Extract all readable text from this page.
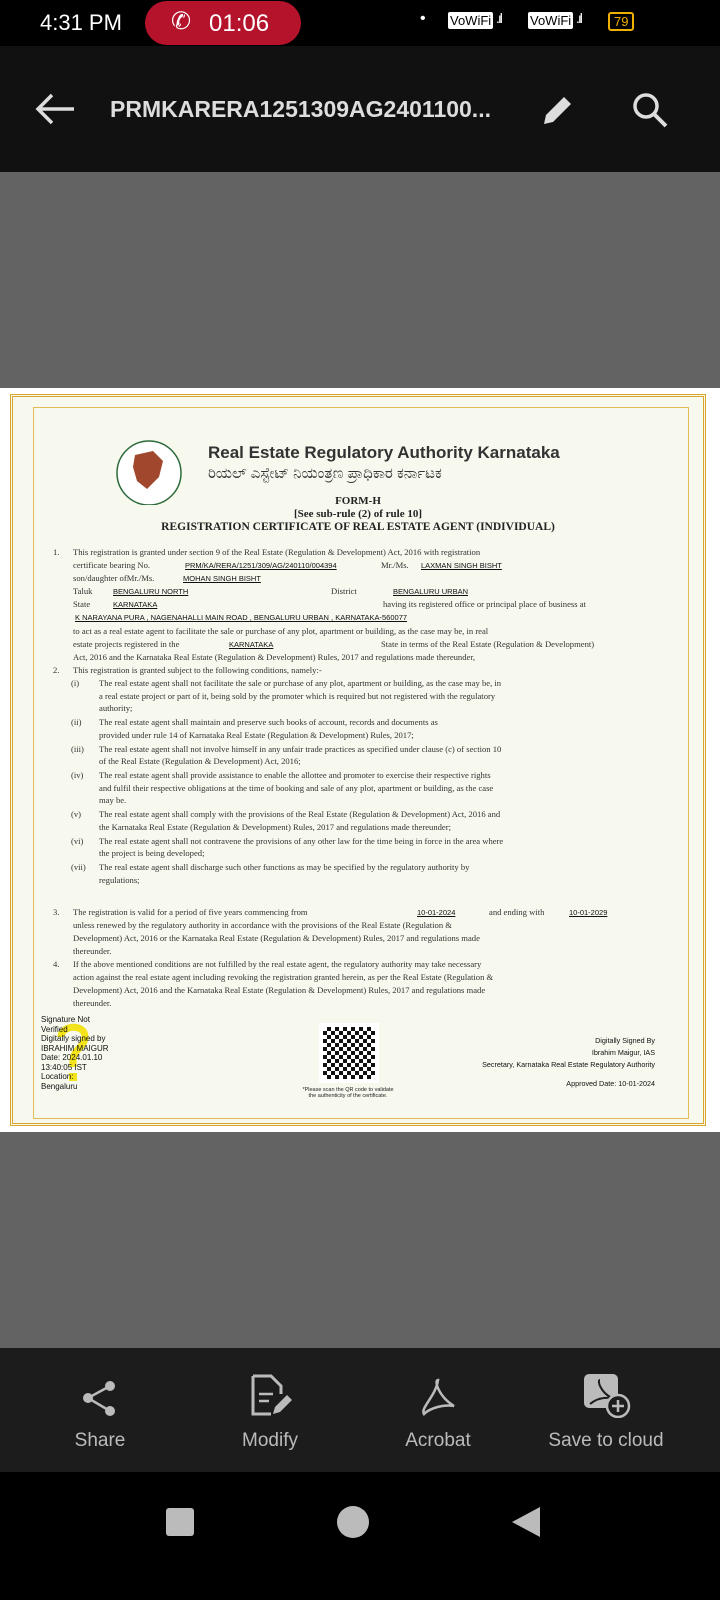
4:31 PM ✆ 01:06	• VoWiFi .ıl VoWiFi .ıl	79
PRMKARERA1251309AG2401100...
Real Estate Regulatory Authority Karnataka
ರಿಯಲ್ ಎಸ್ಟೇಟ್ ನಿಯಂತ್ರಣ ಪ್ರಾಧಿಕಾರ ಕರ್ನಾಟಕ
FORM-H
[See sub-rule (2) of rule 10]
REGISTRATION CERTIFICATE OF REAL ESTATE AGENT (INDIVIDUAL)
1. This registration is granted under section 9 of the Real Estate (Regulation & Development) Act, 2016 with registration
certificate bearing No.	PRM/KA/RERA/1251/309/AG/240110/004394	Mr./Ms. LAXMAN SINGH BISHT
son/daughter ofMr./Ms.	MOHAN SINGH BISHT
Taluk	BENGALURU NORTH	District	BENGALURU URBAN
State	KARNATAKA	having its registered office or principal place of business at
K NARAYANA PURA , NAGENAHALLI MAIN ROAD , BENGALURU URBAN , KARNATAKA-560077
to act as a real estate agent to facilitate the sale or purchase of any plot, apartment or building, as the case may be, in real
estate projects registered in the	KARNATAKA	State in terms of the Real Estate (Regulation & Development)
Act, 2016 and the Karnataka Real Estate (Regulation & Development) Rules, 2017 and regulations made thereunder,
2. This registration is granted subject to the following conditions, namely:-
(i) The real estate agent shall not facilitate the sale or purchase of any plot, apartment or building, as the case may be, in
a real estate project or part of it, being sold by the promoter which is required but not registered with the regulatory
authority;
(ii) The real estate agent shall maintain and preserve such books of account, records and documents as
provided under rule 14 of Karnataka Real Estate (Regulation & Development) Rules, 2017;
(iii) The real estate agent shall not involve himself in any unfair trade practices as specified under clause (c) of section 10
of the Real Estate (Regulation & Development) Act, 2016;
(iv) The real estate agent shall provide assistance to enable the allottee and promoter to exercise their respective rights
and fulfil their respective obligations at the time of booking and sale of any plot, apartment or building, as the case
may be.
(v) The real estate agent shall comply with the provisions of the Real Estate (Regulation & Development) Act, 2016 and
the Karnataka Real Estate (Regulation & Development) Rules, 2017 and regulations made thereunder;
(vi) The real estate agent shall not contravene the provisions of any other law for the time being in force in the area where
the project is being developed;
(vii) The real estate agent shall discharge such other functions as may be specified by the regulatory authority by
regulations;
3. The registration is valid for a period of five years commencing from	10-01-2024	and ending with	10-01-2029
unless renewed by the regulatory authority in accordance with the provisions of the Real Estate (Regulation &
Development) Act, 2016 or the Karnataka Real Estate (Regulation & Development) Rules, 2017 and regulations made
thereunder.
4. If the above mentioned conditions are not fulfilled by the real estate agent, the regulatory authority may take necessary
action against the real estate agent including revoking the registration granted herein, as per the Real Estate (Regulation &
Development) Act, 2016 and the Karnataka Real Estate (Regulation & Development) Rules, 2017 and regulations made
thereunder.
Signature Not
Verified
Digitally signed by
IBRAHIM MAIGUR
Date: 2024.01.10
13:40:05 IST
Location:
Bengaluru	*Please scan the QR code to validate
the authenticity of the certificate.
Digitally Signed By
Ibrahim Maigur, IAS
Secretary, Karnataka Real Estate Regulatory Authority
Approved Date: 10-01-2024
Share	Modify	Acrobat	Save to cloud
